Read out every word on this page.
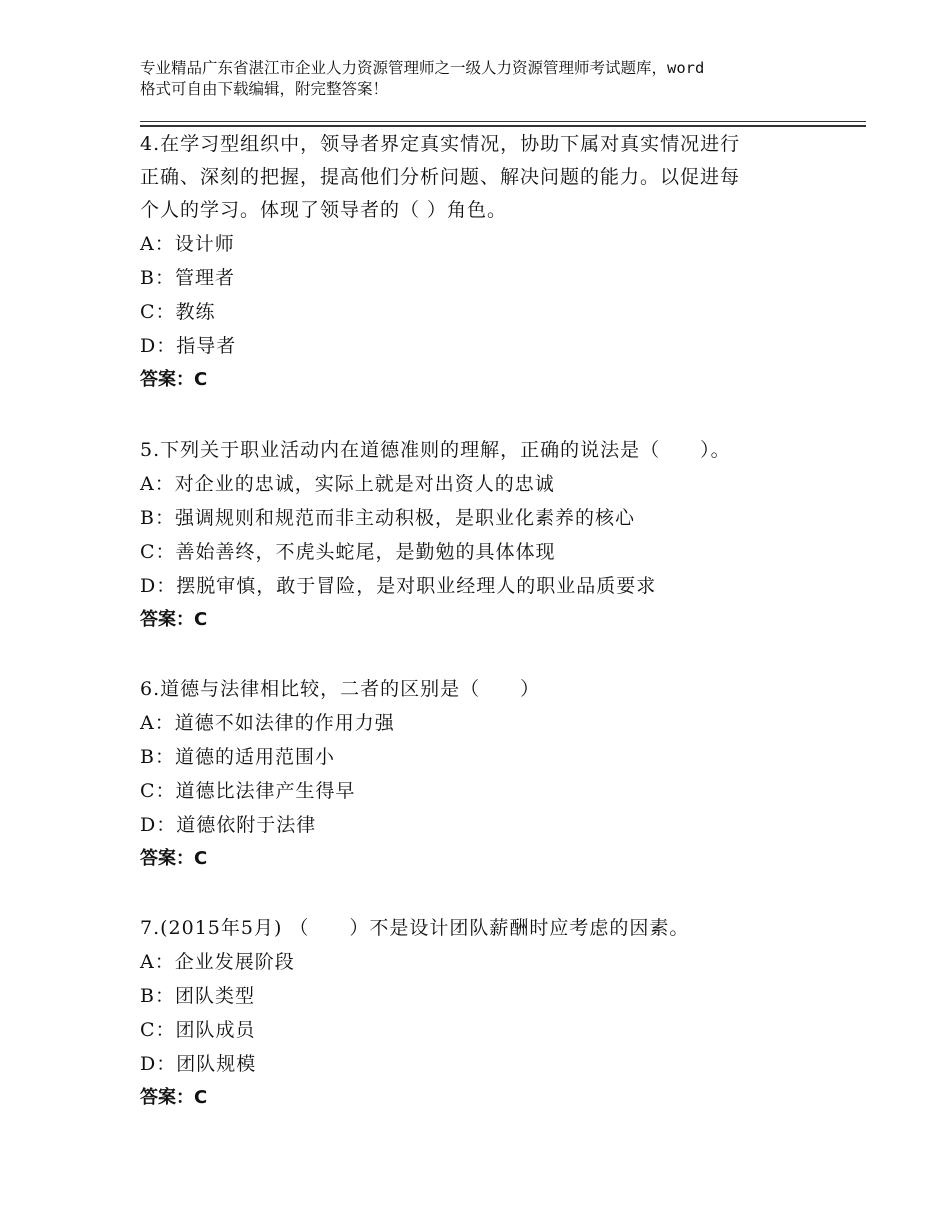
专业精品广东省湛江市企业人力资源管理师之一级人力资源管理师考试题库，word
格式可自由下载编辑，附完整答案！

4.在学习型组织中，领导者界定真实情况，协助下属对真实情况进行

正确、深刻的把握，提高他们分析问题、解决问题的能力。以促进每

个人的学习。体现了领导者的（ ）角色。

A：设计师

B：管理者

C：教练

D：指导者

答案：C

5.下列关于职业活动内在道德准则的理解，正确的说法是（　　）。

A：对企业的忠诚，实际上就是对出资人的忠诚

B：强调规则和规范而非主动积极，是职业化素养的核心

C：善始善终，不虎头蛇尾，是勤勉的具体体现

D：摆脱审慎，敢于冒险，是对职业经理人的职业品质要求

答案：C

6.道德与法律相比较，二者的区别是（　　）

A：道德不如法律的作用力强

B：道德的适用范围小

C：道德比法律产生得早

D：道德依附于法律

答案：C

7.(2015年5月) （　　）不是设计团队薪酬时应考虑的因素。

A：企业发展阶段

B：团队类型

C：团队成员

D：团队规模

答案：C
